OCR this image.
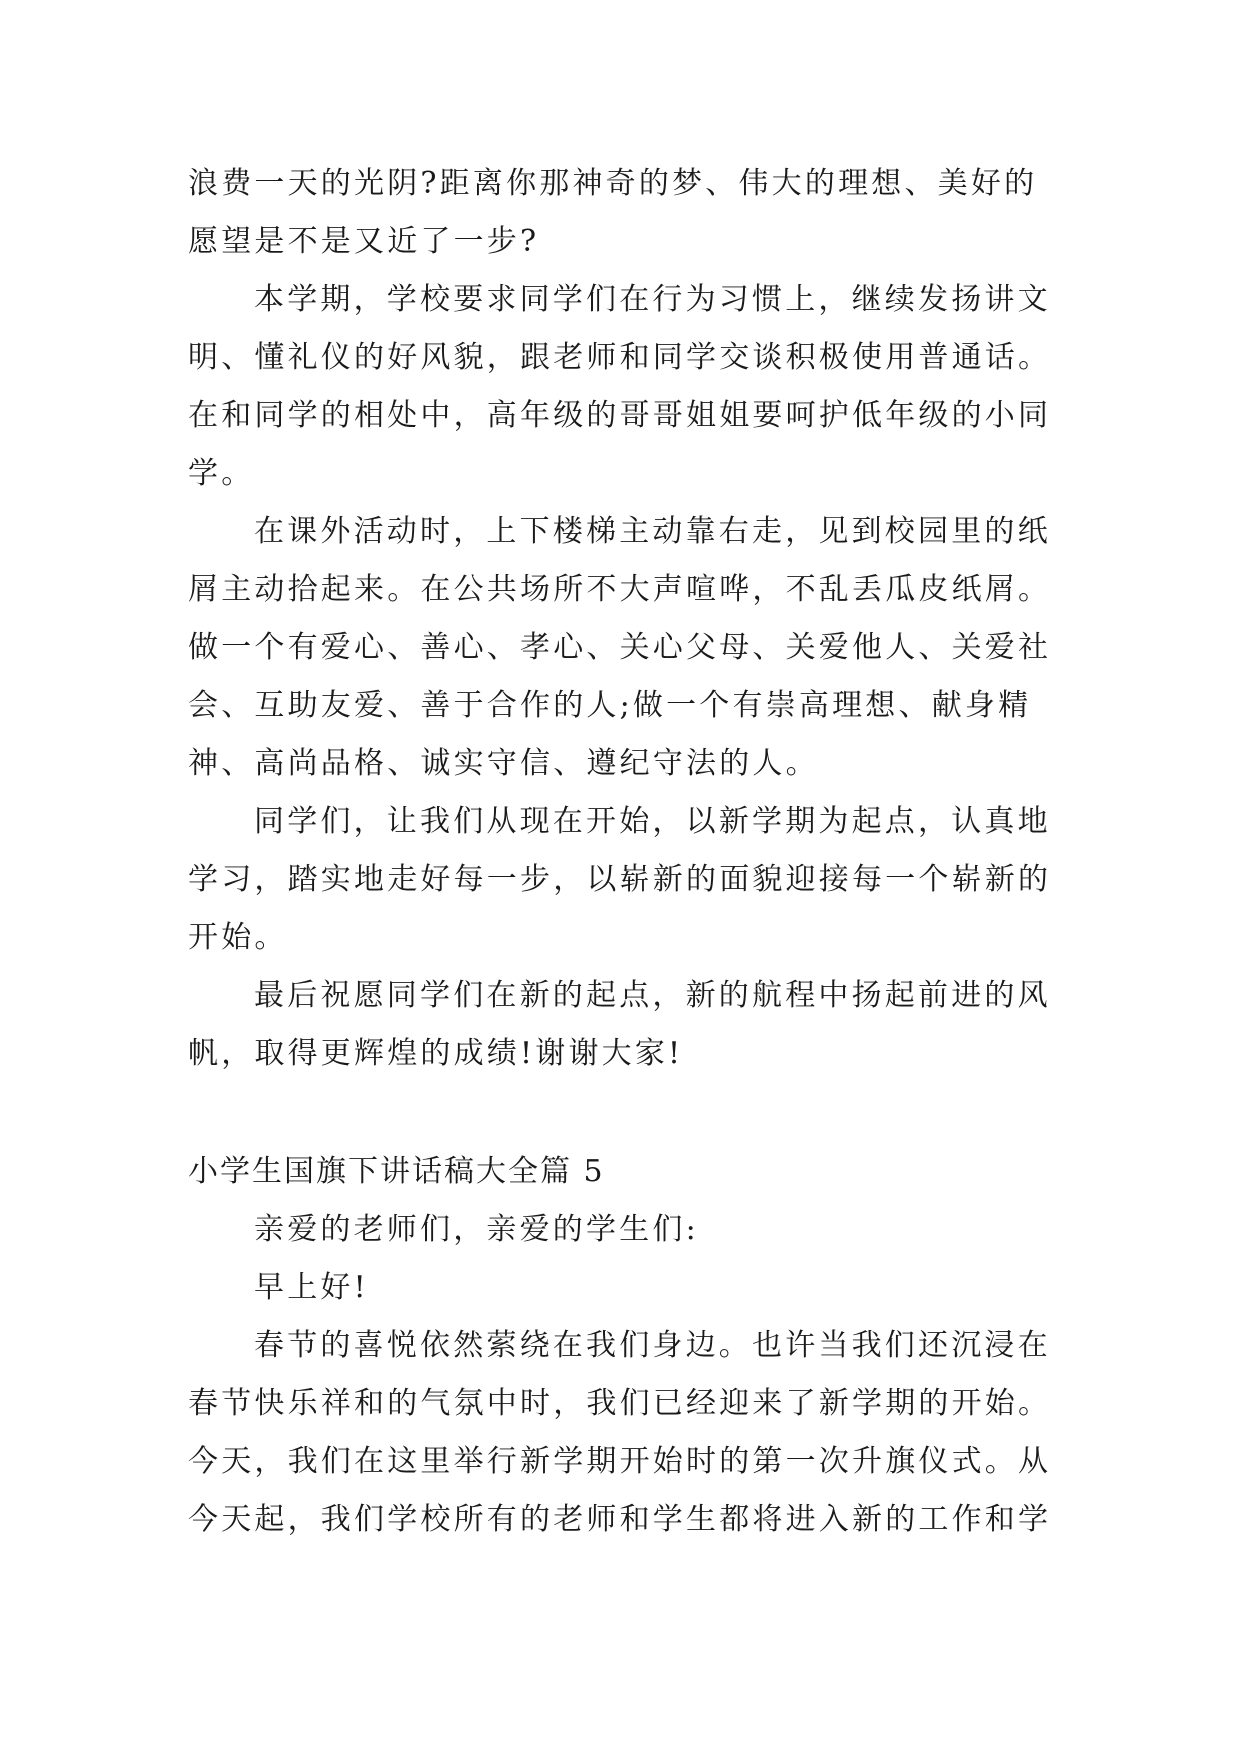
浪费一天的光阴?距离你那神奇的梦、伟大的理想、美好的

愿望是不是又近了一步?

本学期，学校要求同学们在行为习惯上，继续发扬讲文

明、懂礼仪的好风貌，跟老师和同学交谈积极使用普通话。

在和同学的相处中，高年级的哥哥姐姐要呵护低年级的小同

学。

在课外活动时，上下楼梯主动靠右走，见到校园里的纸

屑主动拾起来。在公共场所不大声喧哗，不乱丢瓜皮纸屑。

做一个有爱心、善心、孝心、关心父母、关爱他人、关爱社

会、互助友爱、善于合作的人;做一个有崇高理想、献身精

神、高尚品格、诚实守信、遵纪守法的人。

同学们，让我们从现在开始，以新学期为起点，认真地

学习，踏实地走好每一步，以崭新的面貌迎接每一个崭新的

开始。

最后祝愿同学们在新的起点，新的航程中扬起前进的风

帆，取得更辉煌的成绩!谢谢大家!

小学生国旗下讲话稿大全篇 5

亲爱的老师们，亲爱的学生们:

早上好!

春节的喜悦依然萦绕在我们身边。也许当我们还沉浸在

春节快乐祥和的气氛中时，我们已经迎来了新学期的开始。

今天，我们在这里举行新学期开始时的第一次升旗仪式。从

今天起，我们学校所有的老师和学生都将进入新的工作和学
